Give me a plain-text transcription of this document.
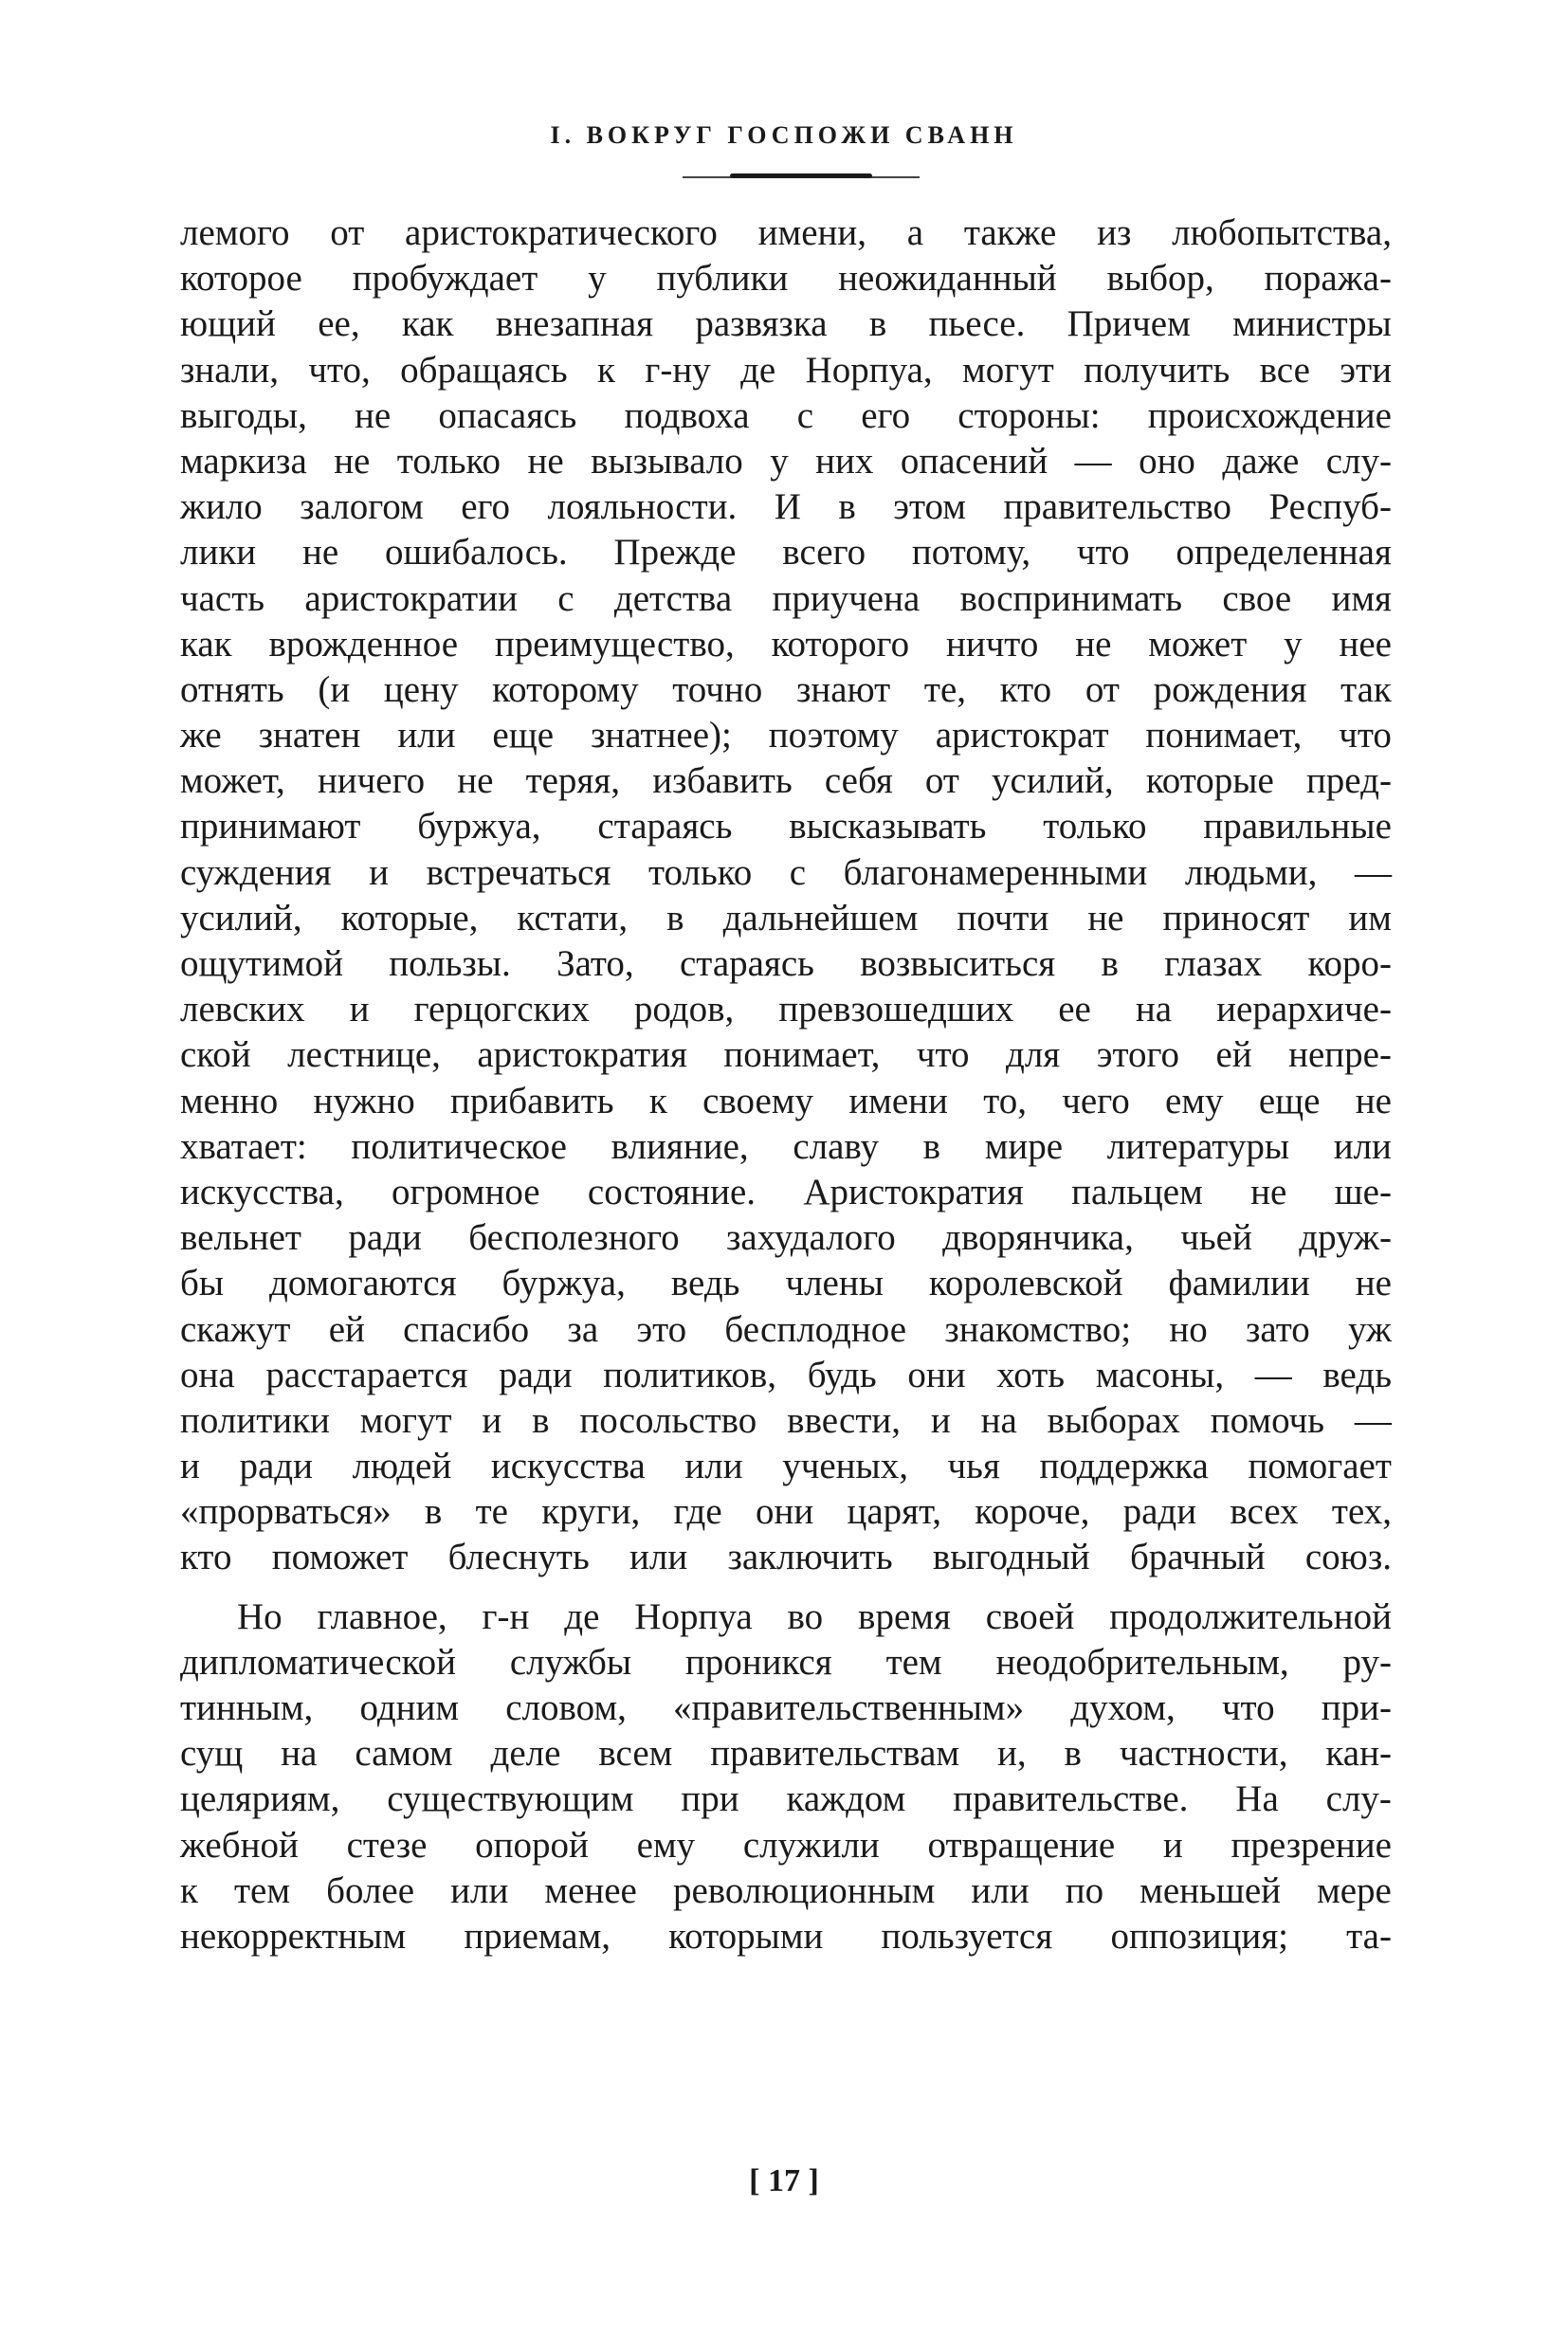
I. ВОКРУГ ГОСПОЖИ СВАНН
лемого от аристократического имени, а также из любопытства,
которое пробуждает у публики неожиданный выбор, поража-
ющий ее, как внезапная развязка в пьесе. Причем министры
знали, что, обращаясь к г-ну де Норпуа, могут получить все эти
выгоды, не опасаясь подвоха с его стороны: происхождение
маркиза не только не вызывало у них опасений — оно даже слу-
жило залогом его лояльности. И в этом правительство Респуб-
лики не ошибалось. Прежде всего потому, что определенная
часть аристократии с детства приучена воспринимать свое имя
как врожденное преимущество, которого ничто не может у нее
отнять (и цену которому точно знают те, кто от рождения так
же знатен или еще знатнее); поэтому аристократ понимает, что
может, ничего не теряя, избавить себя от усилий, которые пред-
принимают буржуа, стараясь высказывать только правильные
суждения и встречаться только с благонамеренными людьми, —
усилий, которые, кстати, в дальнейшем почти не приносят им
ощутимой пользы. Зато, стараясь возвыситься в глазах коро-
левских и герцогских родов, превзошедших ее на иерархиче-
ской лестнице, аристократия понимает, что для этого ей непре-
менно нужно прибавить к своему имени то, чего ему еще не
хватает: политическое влияние, славу в мире литературы или
искусства, огромное состояние. Аристократия пальцем не ше-
вельнет ради бесполезного захудалого дворянчика, чьей друж-
бы домогаются буржуа, ведь члены королевской фамилии не
скажут ей спасибо за это бесплодное знакомство; но зато уж
она расстарается ради политиков, будь они хоть масоны, — ведь
политики могут и в посольство ввести, и на выборах помочь —
и ради людей искусства или ученых, чья поддержка помогает
«прорваться» в те круги, где они царят, короче, ради всех тех,
кто поможет блеснуть или заключить выгодный брачный союз.
Но главное, г-н де Норпуа во время своей продолжительной
дипломатической службы проникся тем неодобрительным, ру-
тинным, одним словом, «правительственным» духом, что при-
сущ на самом деле всем правительствам и, в частности, кан-
целяриям, существующим при каждом правительстве. На слу-
жебной стезе опорой ему служили отвращение и презрение
к тем более или менее революционным или по меньшей мере
некорректным приемам, которыми пользуется оппозиция; та-
[ 17 ]
